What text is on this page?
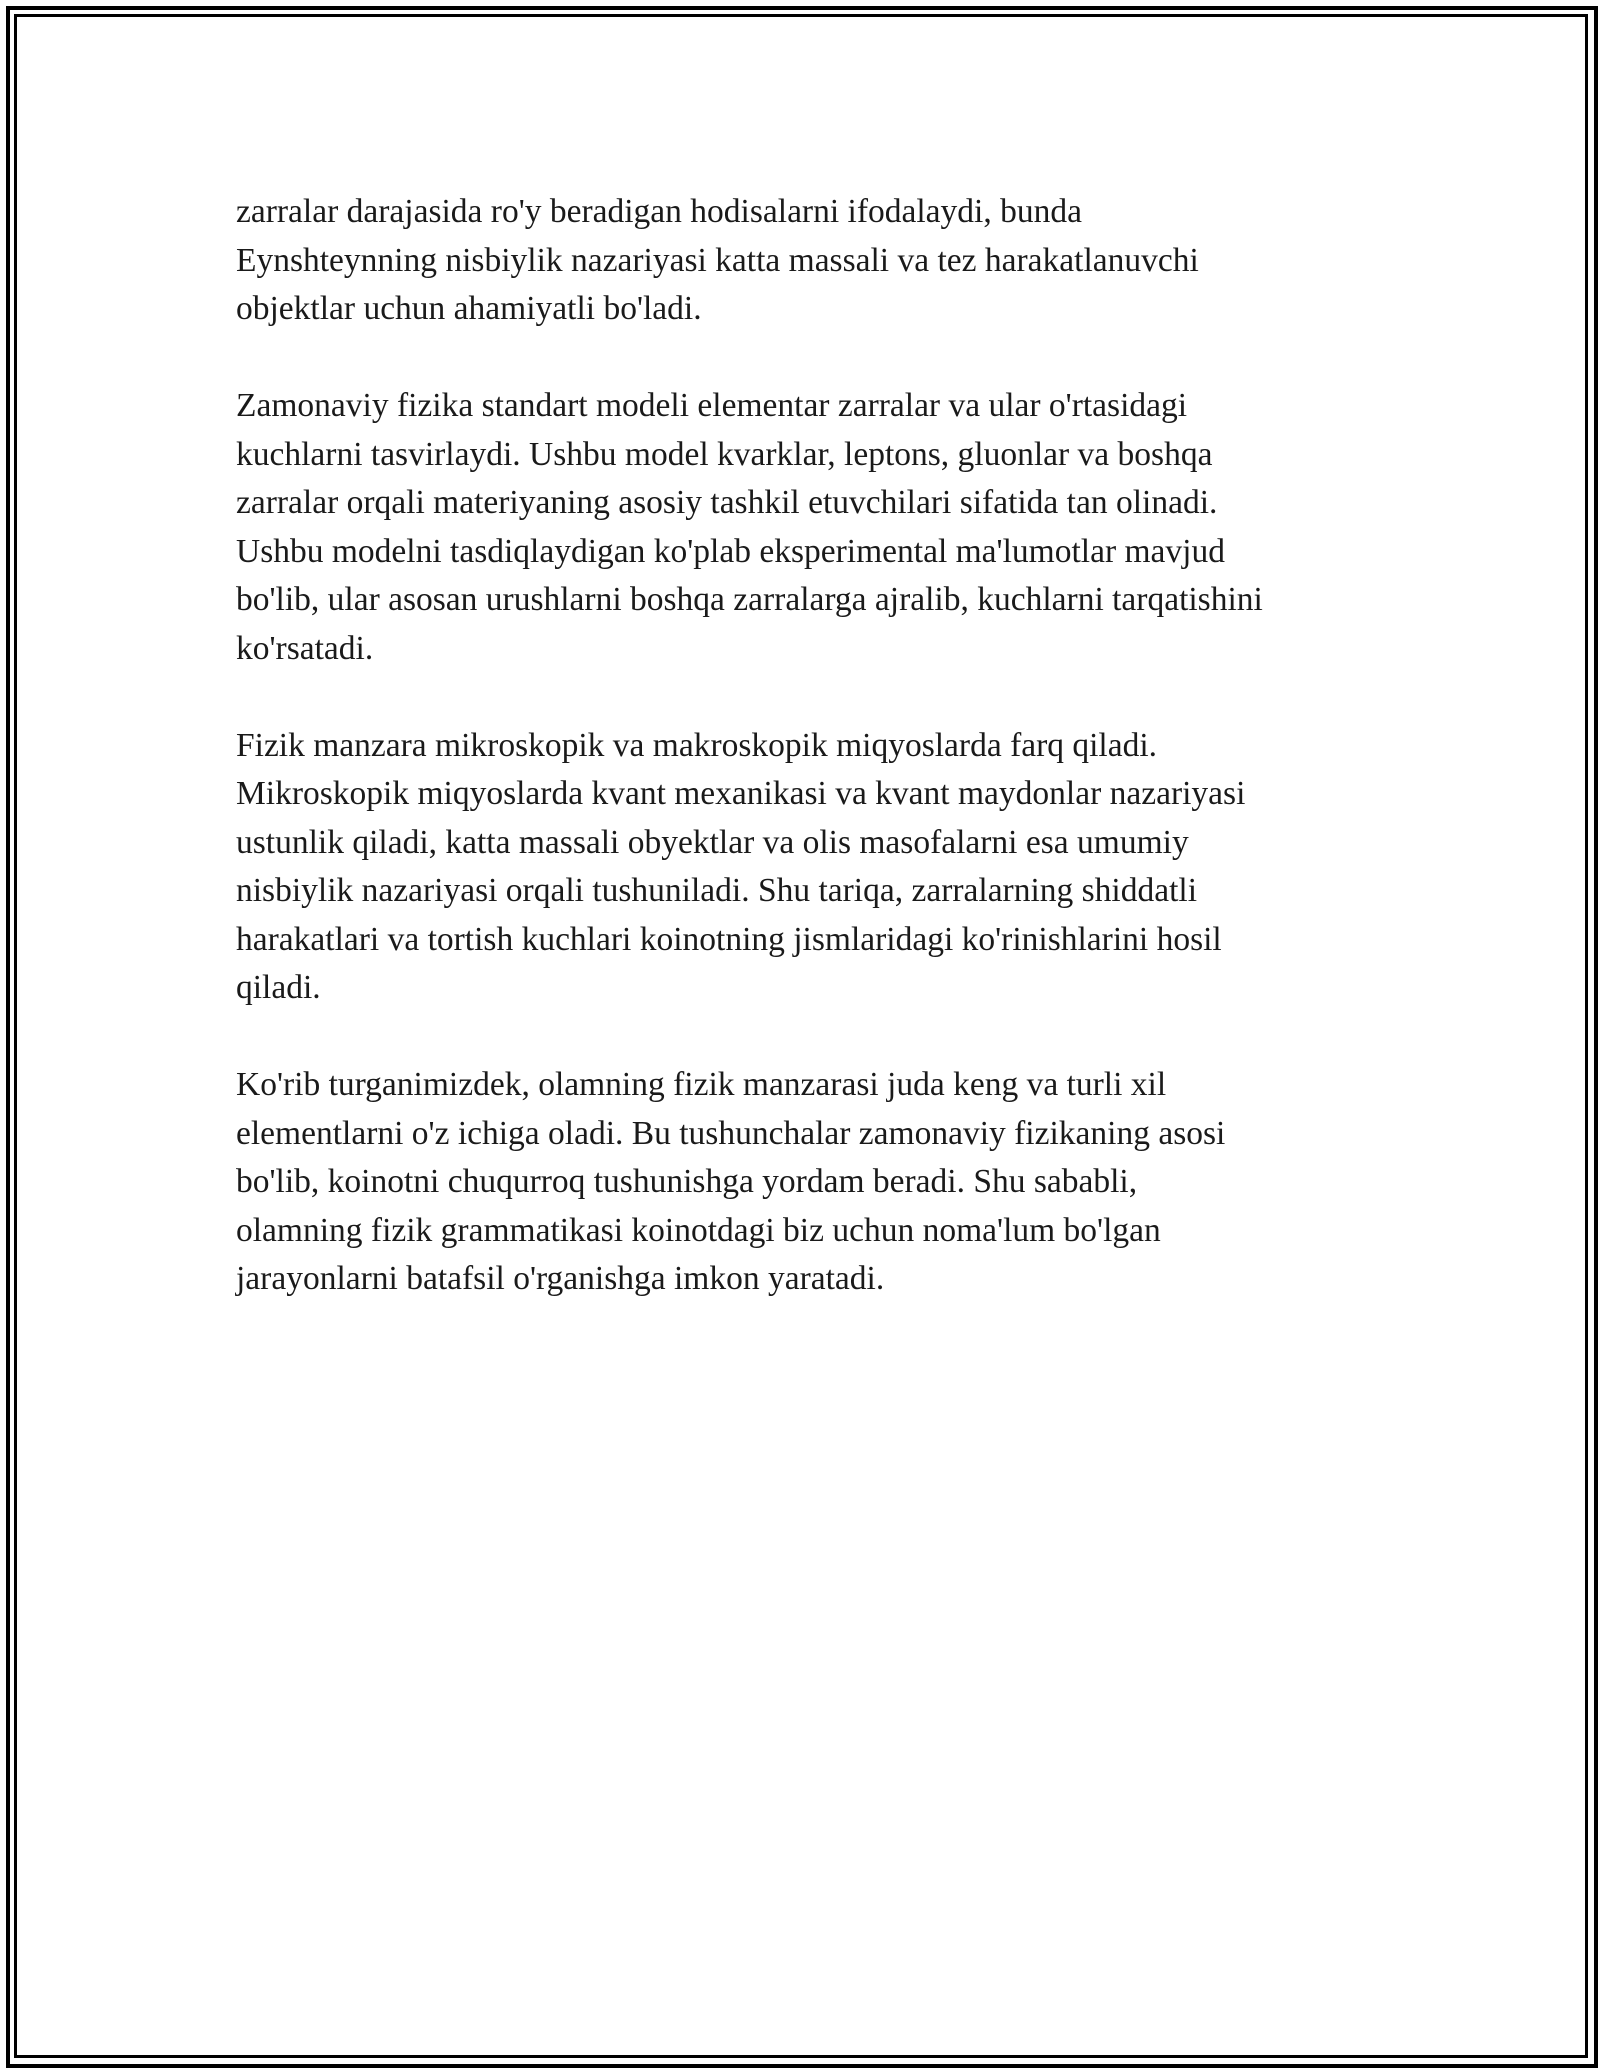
zarralar darajasida ro'y beradigan hodisalarni ifodalaydi, bunda
Eynshteynning nisbiylik nazariyasi katta massali va tez harakatlanuvchi
objektlar uchun ahamiyatli bo'ladi.

Zamonaviy fizika standart modeli elementar zarralar va ular o'rtasidagi
kuchlarni tasvirlaydi. Ushbu model kvarklar, leptons, gluonlar va boshqa
zarralar orqali materiyaning asosiy tashkil etuvchilari sifatida tan olinadi.
Ushbu modelni tasdiqlaydigan ko'plab eksperimental ma'lumotlar mavjud
bo'lib, ular asosan urushlarni boshqa zarralarga ajralib, kuchlarni tarqatishini
ko'rsatadi.

Fizik manzara mikroskopik va makroskopik miqyoslarda farq qiladi.
Mikroskopik miqyoslarda kvant mexanikasi va kvant maydonlar nazariyasi
ustunlik qiladi, katta massali obyektlar va olis masofalarni esa umumiy
nisbiylik nazariyasi orqali tushuniladi. Shu tariqa, zarralarning shiddatli
harakatlari va tortish kuchlari koinotning jismlaridagi ko'rinishlarini hosil
qiladi.

Ko'rib turganimizdek, olamning fizik manzarasi juda keng va turli xil
elementlarni o'z ichiga oladi. Bu tushunchalar zamonaviy fizikaning asosi
bo'lib, koinotni chuqurroq tushunishga yordam beradi. Shu sababli,
olamning fizik grammatikasi koinotdagi biz uchun noma'lum bo'lgan
jarayonlarni batafsil o'rganishga imkon yaratadi.
